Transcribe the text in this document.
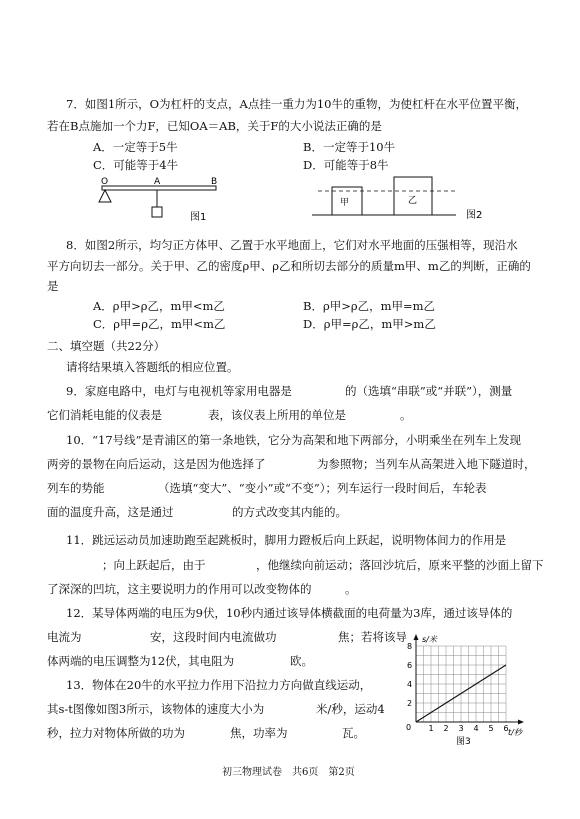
7．如图1所示，O为杠杆的支点，A点挂一重力为10牛的重物，为使杠杆在水平位置平衡，
若在B点施加一个力F，已知OA＝AB，关于F的大小说法正确的是
A．一定等于5牛	B．一定等于10牛
C．可能等于4牛	D．可能等于8牛
O	A	B
图1
甲	乙
图2
8．如图2所示，均匀正方体甲、乙置于水平地面上，它们对水平地面的压强相等，现沿水
平方向切去一部分。关于甲、乙的密度ρ甲、ρ乙和所切去部分的质量m甲、m乙的判断，正确的
是
A．ρ甲>ρ乙，m甲<m乙	B．ρ甲>ρ乙，m甲=m乙
C．ρ甲=ρ乙，m甲<m乙	D．ρ甲=ρ乙，m甲>m乙
二、填空题（共22分）
请将结果填入答题纸的相应位置。
9．家庭电路中，电灯与电视机等家用电器是	的（选填“串联”或“并联”），测量
它们消耗电能的仪表是	表，该仪表上所用的单位是	。
10．“17号线”是青浦区的第一条地铁，它分为高架和地下两部分，小明乘坐在列车上发现
两旁的景物在向后运动，这是因为他选择了	为参照物；当列车从高架进入地下隧道时，
列车的势能	（选填“变大”、“变小”或“不变”）；列车运行一段时间后，车轮表
面的温度升高，这是通过	的方式改变其内能的。
11．跳远运动员加速助跑至起跳板时，脚用力蹬板后向上跃起，说明物体间力的作用是
；向上跃起后，由于	，他继续向前运动；落回沙坑后，原来平整的沙面上留下
了深深的凹坑，这主要说明力的作用可以改变物体的	。
12．某导体两端的电压为9伏，10秒内通过该导体横截面的电荷量为3库，通过该导体的
电流为	安，这段时间内电流做功	焦；若将该导
体两端的电压调整为12伏，其电阻为	欧。
13．物体在20牛的水平拉力作用下沿拉力方向做直线运动，
其s-t图像如图3所示，该物体的速度大小为	米/秒，运动4
秒，拉力对物体所做的功为	焦，功率为	瓦。	1 2 3 4 5 6
2
4
6
8
0
s/米
t/秒
图3
初三物理试卷　共6页　第2页
